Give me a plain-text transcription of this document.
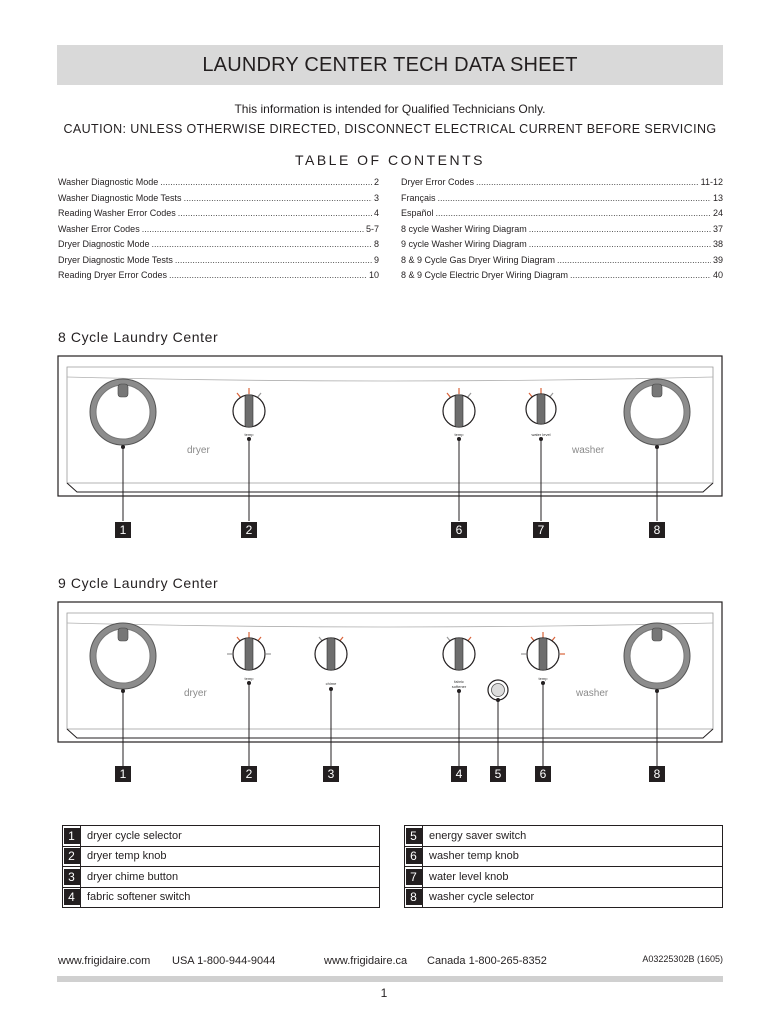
LAUNDRY CENTER TECH DATA SHEET
This information is intended for Qualified Technicians Only.
CAUTION: UNLESS OTHERWISE DIRECTED, DISCONNECT ELECTRICAL CURRENT BEFORE SERVICING
TABLE OF CONTENTS
Washer Diagnostic Mode .....	2
Washer Diagnostic Mode Tests .....	3
Reading Washer Error Codes .....	4
Washer Error Codes .....	5-7
Dryer Diagnostic Mode .....	8
Dryer Diagnostic Mode Tests .....	9
Reading Dryer Error Codes .....	10
Dryer Error Codes .....	11-12
Français .....	13
Español .....	24
8 cycle Washer Wiring Diagram .....	37
9 cycle Washer Wiring Diagram .....	38
8 & 9 Cycle Gas Dryer Wiring Diagram .....	39
8 & 9 Cycle Electric Dryer Wiring Diagram .....	40
8 Cycle Laundry Center
dryer
temp	temp	water level
washer
1	2	6	7	8
9 Cycle Laundry Center
dryer
temp
chime	fabric
softener
temp
washer
1	2	3	4	5	6	8
1	dryer cycle selector

2	dryer temp knob

3	dryer chime button

4	fabric softener switch
5	energy saver switch

6	washer temp knob

7	water level knob

8	washer cycle selector
www.frigidaire.com USA 1-800-944-9044	www.frigidaire.ca Canada 1-800-265-8352	A03225302B (1605)
1
